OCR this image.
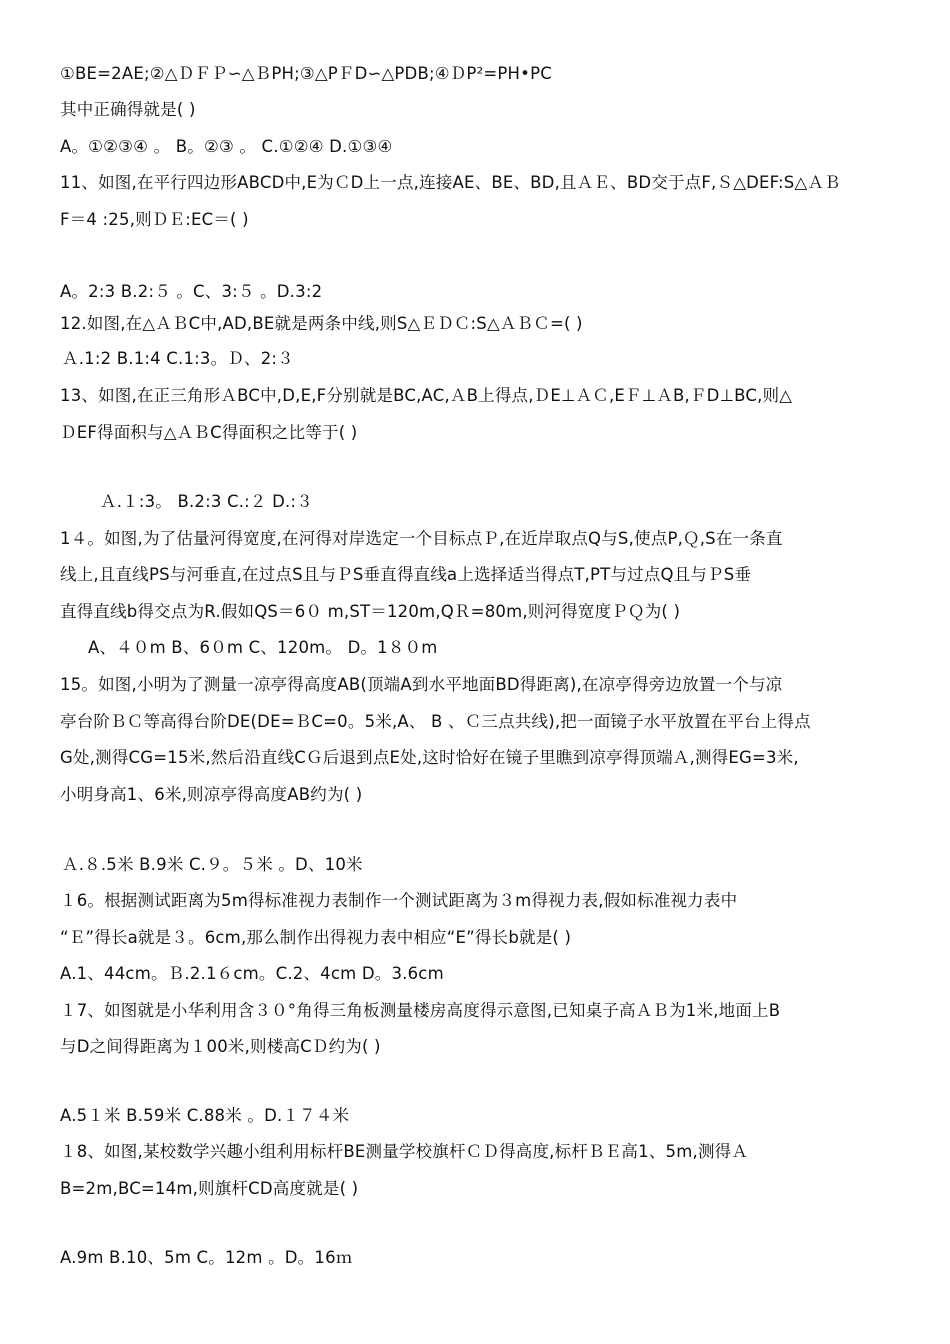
①BE=2AE;②△ＤＦＰ∽△ＢPH;③△PＦD∽△PDB;④ＤP²=PH•PC
其中正确得就是( )
A。①②③④ 。 B。②③ 。 C.①②④ D.①③④
11、如图,在平行四边形ABCD中,E为ＣD上一点,连接AE、BE、BD,且ＡＥ、BD交于点F,Ｓ△DEF:S△ＡＢ
F＝4 :25,则ＤＥ:EC＝( )
A。2:3 B.2:５ 。C、3:５ 。D.3:2
12.如图,在△ＡＢC中,AD,BE就是两条中线,则S△ＥＤＣ:S△ＡＢＣ=( )
Ａ.1:2 B.1:4 C.1:3。Ｄ、2:３
13、如图,在正三角形ＡBC中,D,E,F分别就是BC,AC,ＡB上得点,ＤE⊥ＡＣ,EＦ⊥ＡB,ＦD⊥BC,则△
ＤEF得面积与△ＡＢC得面积之比等于( )
Ａ.１:3。 B.2:3 C.:２ D.:３
1４。如图,为了估量河得宽度,在河得对岸选定一个目标点Ｐ,在近岸取点Q与S,使点P,Ｑ,S在一条直
线上,且直线PS与河垂直,在过点S且与ＰS垂直得直线a上选择适当得点T,PT与过点Q且与ＰS垂
直得直线b得交点为R.假如QS＝6０ m,ST＝120m,QＲ=80m,则河得宽度ＰＱ为( )
A、４０m B、6０m C、120m。 D。1８０m
15。如图,小明为了测量一凉亭得高度AB(顶端A到水平地面BD得距离),在凉亭得旁边放置一个与凉
亭台阶ＢＣ等高得台阶DE(DE=ＢC=0。5米,A、 B 、Ｃ三点共线),把一面镜子水平放置在平台上得点
G处,测得CG=15米,然后沿直线CＧ后退到点E处,这时恰好在镜子里瞧到凉亭得顶端Ａ,测得EG=3米,
小明身高1、6米,则凉亭得高度AB约为( )
Ａ.８.5米 B.9米 C.９。５米 。D、10米
１6。根据测试距离为5m得标准视力表制作一个测试距离为３m得视力表,假如标准视力表中
“Ｅ”得长a就是３。6cm,那么制作出得视力表中相应“E”得长b就是( )
A.1、44cm。Ｂ.2.1６cm。C.2、4cm D。3.6cm
１7、如图就是小华利用含３０°角得三角板测量楼房高度得示意图,已知桌子高ＡＢ为1米,地面上B
与D之间得距离为１00米,则楼高CＤ约为( )
A.5１米 B.59米 C.88米 。D.１７４米
１8、如图,某校数学兴趣小组利用标杆BE测量学校旗杆ＣＤ得高度,标杆ＢＥ高1、5m,测得Ａ
B=2m,BC=14m,则旗杆CD高度就是( )
A.9m B.10、5m C。12m 。D。16ｍ
